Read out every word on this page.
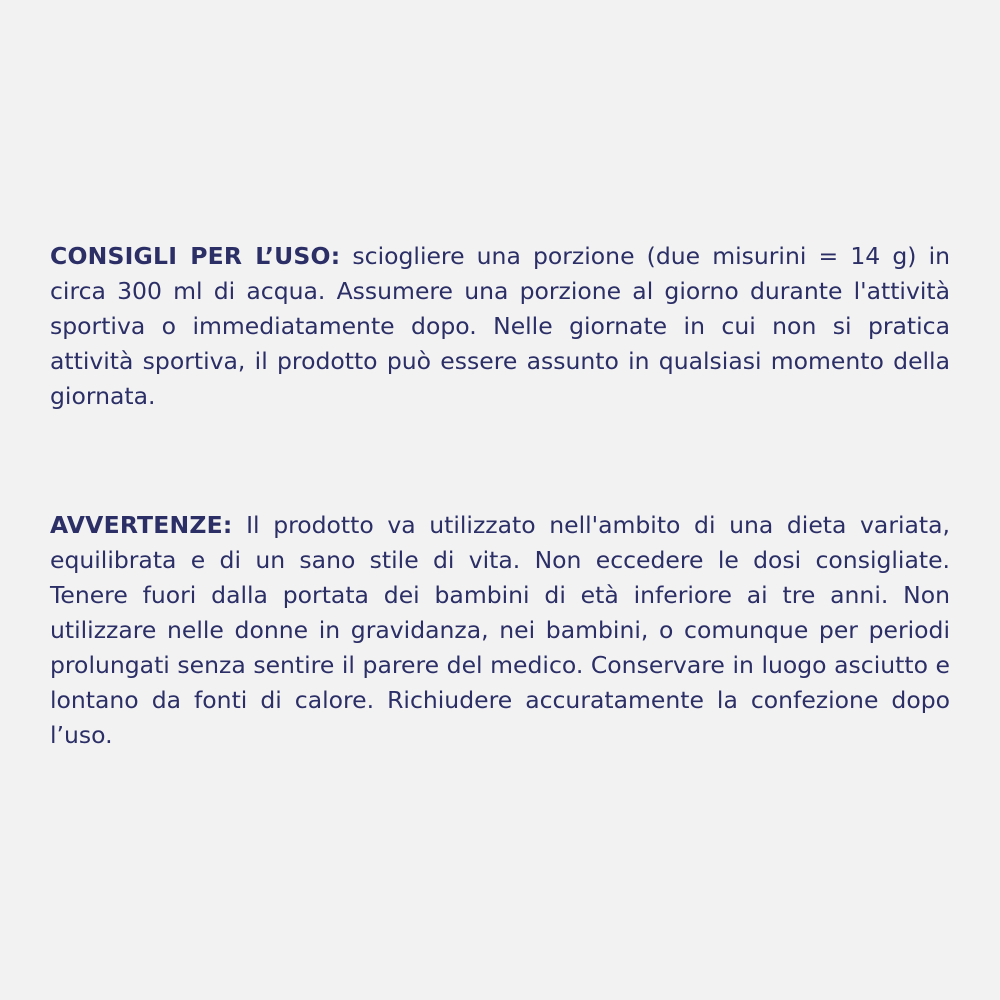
CONSIGLI PER L’USO: sciogliere una porzione (due misurini = 14 g) in circa 300 ml di acqua. Assumere una porzione al giorno durante l'attività sportiva o immediatamente dopo. Nelle giornate in cui non si pratica attività sportiva, il prodotto può essere assunto in qualsiasi momento della giornata.

AVVERTENZE: Il prodotto va utilizzato nell'ambito di una dieta variata, equilibrata e di un sano stile di vita. Non eccedere le dosi consigliate. Tenere fuori dalla portata dei bambini di età inferiore ai tre anni. Non utilizzare nelle donne in gravidanza, nei bambini, o comunque per periodi prolungati senza sentire il parere del medico. Conservare in luogo asciutto e lontano da fonti di calore. Richiudere accuratamente la confezione dopo l’uso.
